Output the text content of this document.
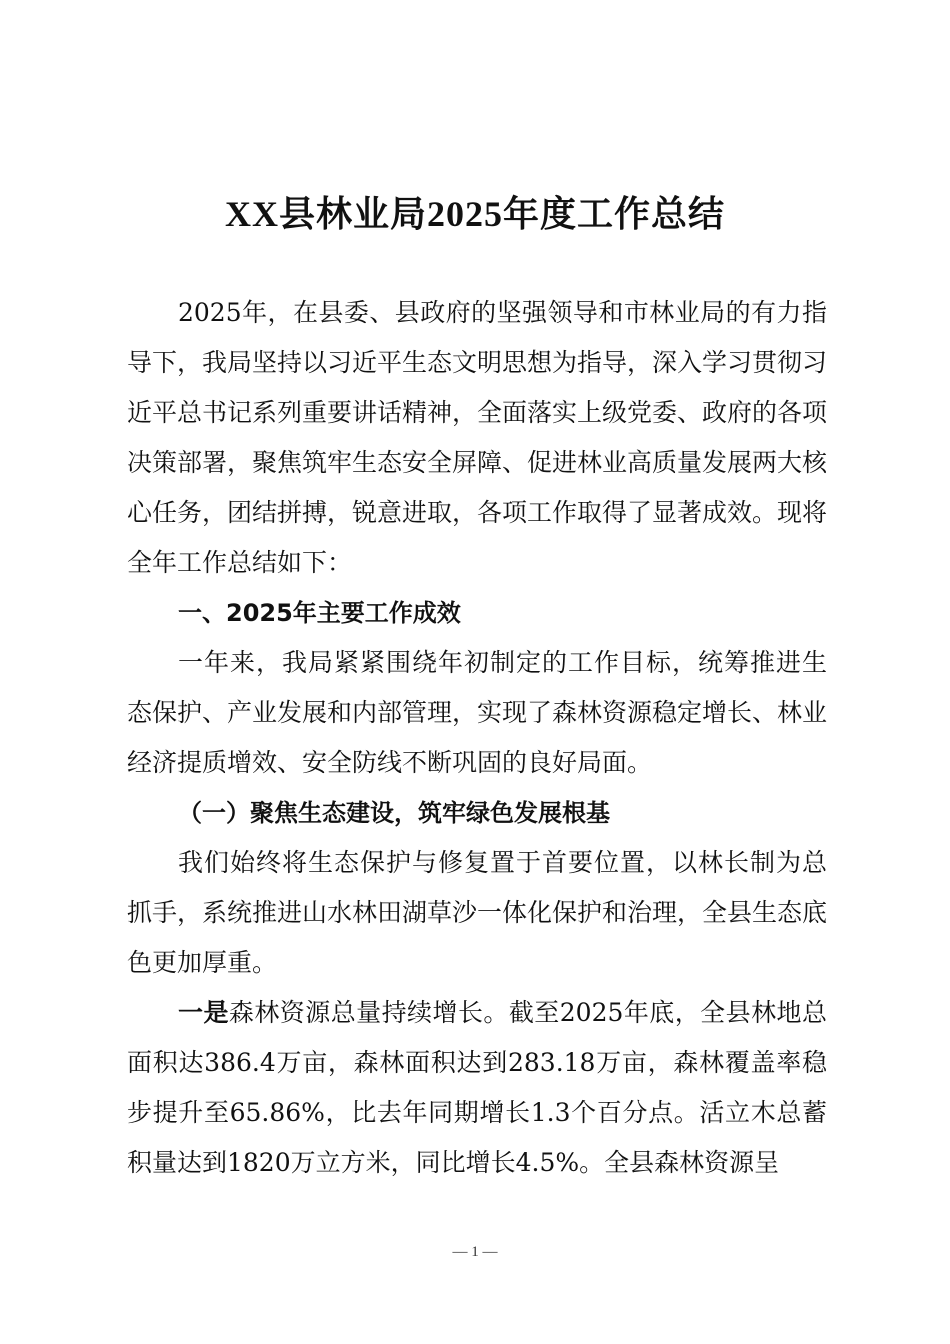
XX县林业局2025年度工作总结

2025年，在县委、县政府的坚强领导和市林业局的有力指导下，我局坚持以习近平生态文明思想为指导，深入学习贯彻习近平总书记系列重要讲话精神，全面落实上级党委、政府的各项决策部署，聚焦筑牢生态安全屏障、促进林业高质量发展两大核心任务，团结拼搏，锐意进取，各项工作取得了显著成效。现将全年工作总结如下：

一、2025年主要工作成效

一年来，我局紧紧围绕年初制定的工作目标，统筹推进生态保护、产业发展和内部管理，实现了森林资源稳定增长、林业经济提质增效、安全防线不断巩固的良好局面。

（一）聚焦生态建设，筑牢绿色发展根基

我们始终将生态保护与修复置于首要位置，以林长制为总抓手，系统推进山水林田湖草沙一体化保护和治理，全县生态底色更加厚重。

一是森林资源总量持续增长。截至2025年底，全县林地总面积达386.4万亩，森林面积达到283.18万亩，森林覆盖率稳步提升至65.86%，比去年同期增长1.3个百分点。活立木总蓄积量达到1820万立方米，同比增长4.5%。全县森林资源呈

— 1 —
